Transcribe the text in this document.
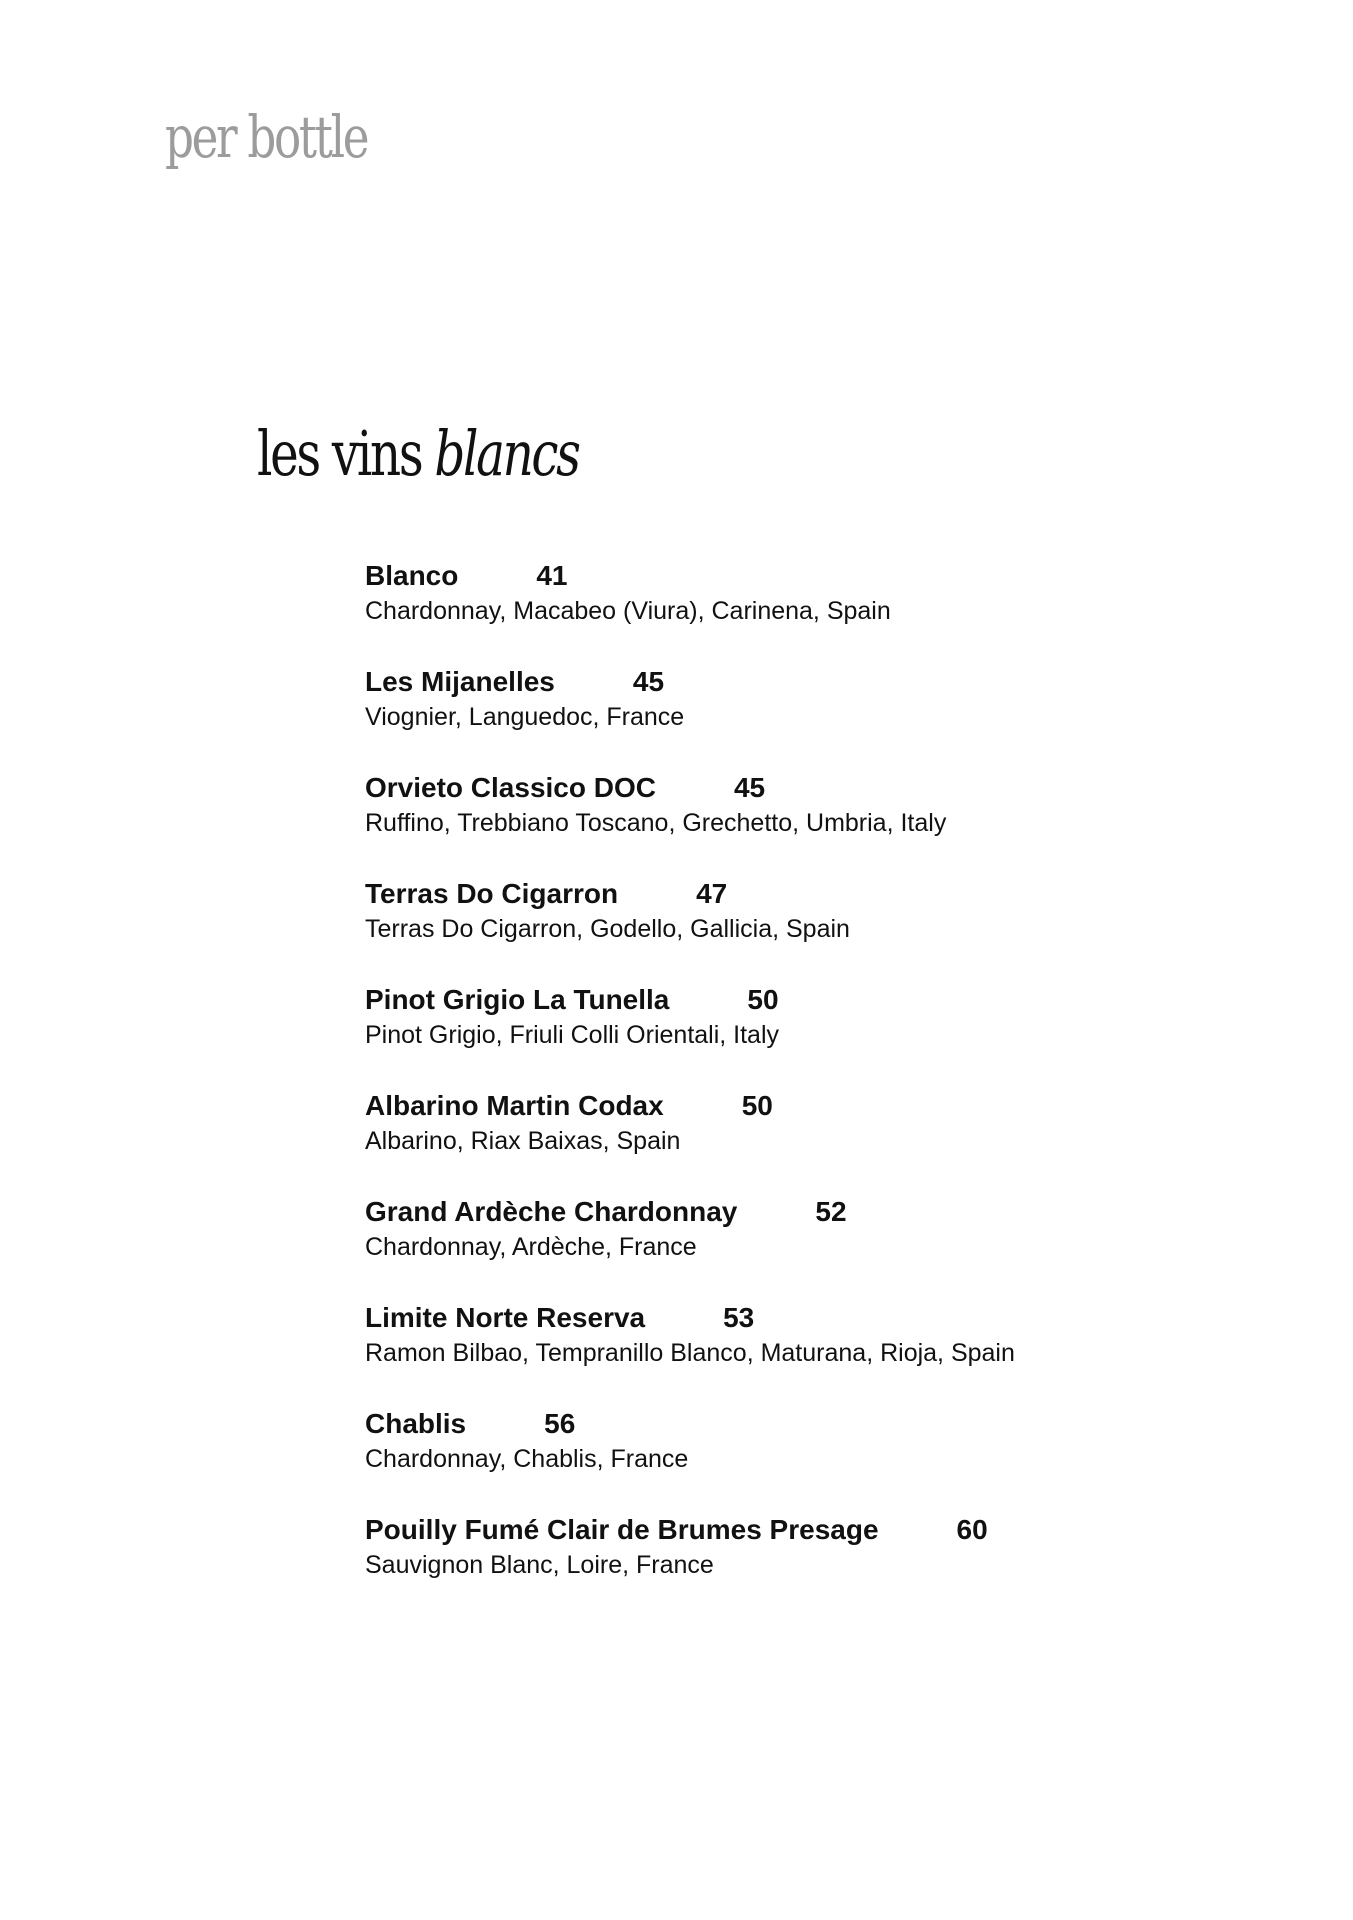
per bottle
les vins blancs
Blanco	41
Chardonnay, Macabeo (Viura), Carinena, Spain
Les Mijanelles	45
Viognier, Languedoc, France
Orvieto Classico DOC	45
Ruffino, Trebbiano Toscano, Grechetto, Umbria, Italy
Terras Do Cigarron	47
Terras Do Cigarron, Godello, Gallicia, Spain
Pinot Grigio La Tunella	50
Pinot Grigio, Friuli Colli Orientali, Italy
Albarino Martin Codax	50
Albarino, Riax Baixas, Spain
Grand Ardèche Chardonnay	52
Chardonnay, Ardèche, France
Limite Norte Reserva	53
Ramon Bilbao, Tempranillo Blanco, Maturana, Rioja, Spain
Chablis	56
Chardonnay, Chablis, France
Pouilly Fumé Clair de Brumes Presage	60
Sauvignon Blanc, Loire, France
